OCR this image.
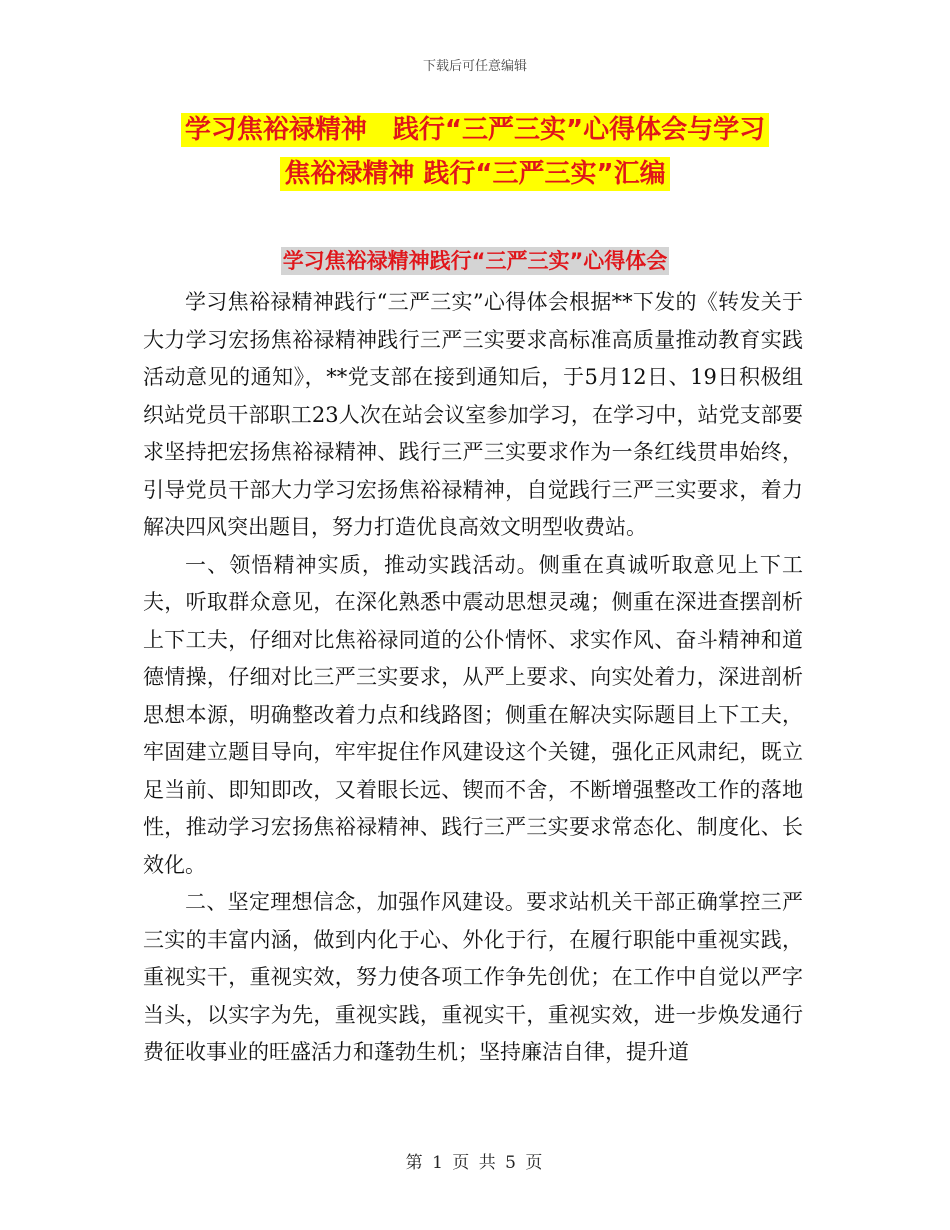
下载后可任意编辑
学习焦裕禄精神　践行“三严三实”心得体会与学习
焦裕禄精神 践行“三严三实”汇编
学习焦裕禄精神践行“三严三实”心得体会

学习焦裕禄精神践行“三严三实”心得体会根据**下发的《转发关于大力学习宏扬焦裕禄精神践行三严三实要求高标准高质量推动教育实践活动意见的通知》，**党支部在接到通知后，于5月12日、19日积极组织站党员干部职工23人次在站会议室参加学习，在学习中，站党支部要求坚持把宏扬焦裕禄精神、践行三严三实要求作为一条红线贯串始终，引导党员干部大力学习宏扬焦裕禄精神，自觉践行三严三实要求，着力解决四风突出题目，努力打造优良高效文明型收费站。

一、领悟精神实质，推动实践活动。侧重在真诚听取意见上下工夫，听取群众意见，在深化熟悉中震动思想灵魂；侧重在深进查摆剖析上下工夫，仔细对比焦裕禄同道的公仆情怀、求实作风、奋斗精神和道德情操，仔细对比三严三实要求，从严上要求、向实处着力，深进剖析思想本源，明确整改着力点和线路图；侧重在解决实际题目上下工夫，牢固建立题目导向，牢牢捉住作风建设这个关键，强化正风肃纪，既立足当前、即知即改，又着眼长远、锲而不舍，不断增强整改工作的落地性，推动学习宏扬焦裕禄精神、践行三严三实要求常态化、制度化、长效化。

二、坚定理想信念，加强作风建设。要求站机关干部正确掌控三严三实的丰富内涵，做到内化于心、外化于行，在履行职能中重视实践，重视实干，重视实效，努力使各项工作争先创优；在工作中自觉以严字当头，以实字为先，重视实践，重视实干，重视实效，进一步焕发通行费征收事业的旺盛活力和蓬勃生机；坚持廉洁自律，提升道

第 1 页 共 5 页
